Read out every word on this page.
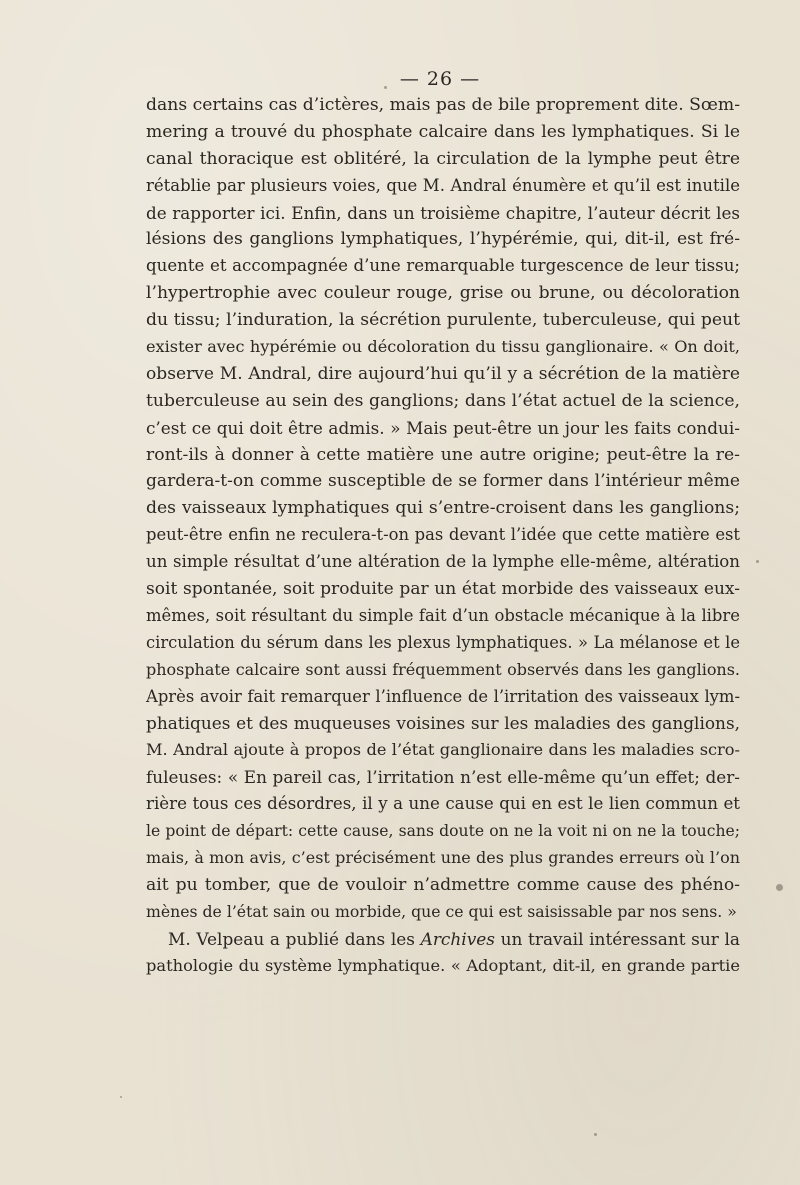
— 26 —
dans certains cas d’ictères, mais pas de bile proprement dite. Sœm-
mering a trouvé du phosphate calcaire dans les lymphatiques. Si le
canal thoracique est oblitéré, la circulation de la lymphe peut être
rétablie par plusieurs voies, que M. Andral énumère et qu’il est inutile
de rapporter ici. Enfin, dans un troisième chapitre, l’auteur décrit les
lésions des ganglions lymphatiques, l’hypérémie, qui, dit-il, est fré-
quente et accompagnée d’une remarquable turgescence de leur tissu;
l’hypertrophie avec couleur rouge, grise ou brune, ou décoloration
du tissu; l’induration, la sécrétion purulente, tuberculeuse, qui peut
exister avec hypérémie ou décoloration du tissu ganglionaire. « On doit,
observe M. Andral, dire aujourd’hui qu’il y a sécrétion de la matière
tuberculeuse au sein des ganglions; dans l’état actuel de la science,
c’est ce qui doit être admis. » Mais peut-être un jour les faits condui-
ront-ils à donner à cette matière une autre origine; peut-être la re-
gardera-t-on comme susceptible de se former dans l’intérieur même
des vaisseaux lymphatiques qui s’entre-croisent dans les ganglions;
peut-être enfin ne reculera-t-on pas devant l’idée que cette matière est
un simple résultat d’une altération de la lymphe elle-même, altération
soit spontanée, soit produite par un état morbide des vaisseaux eux-
mêmes, soit résultant du simple fait d’un obstacle mécanique à la libre
circulation du sérum dans les plexus lymphatiques. » La mélanose et le
phosphate calcaire sont aussi fréquemment observés dans les ganglions.
Après avoir fait remarquer l’influence de l’irritation des vaisseaux lym-
phatiques et des muqueuses voisines sur les maladies des ganglions,
M. Andral ajoute à propos de l’état ganglionaire dans les maladies scro-
fuleuses: « En pareil cas, l’irritation n’est elle-même qu’un effet; der-
rière tous ces désordres, il y a une cause qui en est le lien commun et
le point de départ: cette cause, sans doute on ne la voit ni on ne la touche;
mais, à mon avis, c’est précisément une des plus grandes erreurs où l’on
ait pu tomber, que de vouloir n’admettre comme cause des phéno-
mènes de l’état sain ou morbide, que ce qui est saisissable par nos sens. »
M. Velpeau a publié dans les Archives un travail intéressant sur la
pathologie du système lymphatique. « Adoptant, dit-il, en grande partie
